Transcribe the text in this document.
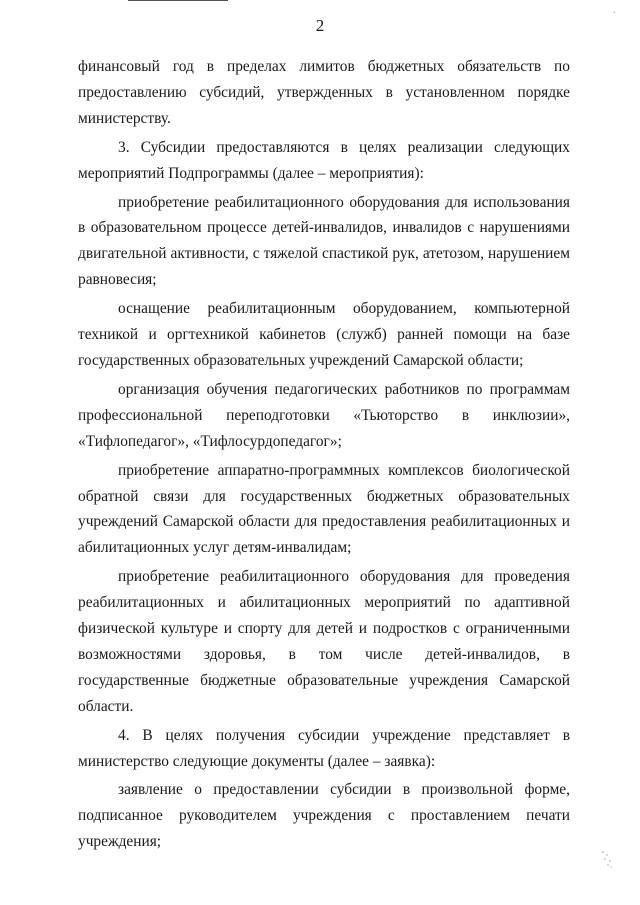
·
2

финансовый год в пределах лимитов бюджетных обязательств по предоставлению субсидий, утвержденных в установленном порядке министерству.

3. Субсидии предоставляются в целях реализации следующих мероприятий Подпрограммы (далее – мероприятия):

приобретение реабилитационного оборудования для использования в образовательном процессе детей-инвалидов, инвалидов с нарушениями двигательной активности, с тяжелой спастикой рук, атетозом, нарушением равновесия;

оснащение реабилитационным оборудованием, компьютерной техникой и оргтехникой кабинетов (служб) ранней помощи на базе государственных образовательных учреждений Самарской области;

организация обучения педагогических работников по программам профессиональной переподготовки «Тьюторство в инклюзии», «Тифлопедагог», «Тифлосурдопедагог»;

приобретение аппаратно-программных комплексов биологической обратной связи для государственных бюджетных образовательных учреждений Самарской области для предоставления реабилитационных и абилитационных услуг детям-инвалидам;

приобретение реабилитационного оборудования для проведения реабилитационных и абилитационных мероприятий по адаптивной физической культуре и спорту для детей и подростков с ограниченными возможностями здоровья, в том числе детей-инвалидов, в государственные бюджетные образовательные учреждения Самарской области.

4. В целях получения субсидии учреждение представляет в министерство следующие документы (далее – заявка):

заявление о предоставлении субсидии в произвольной форме, подписанное руководителем учреждения с проставлением печати учреждения;
